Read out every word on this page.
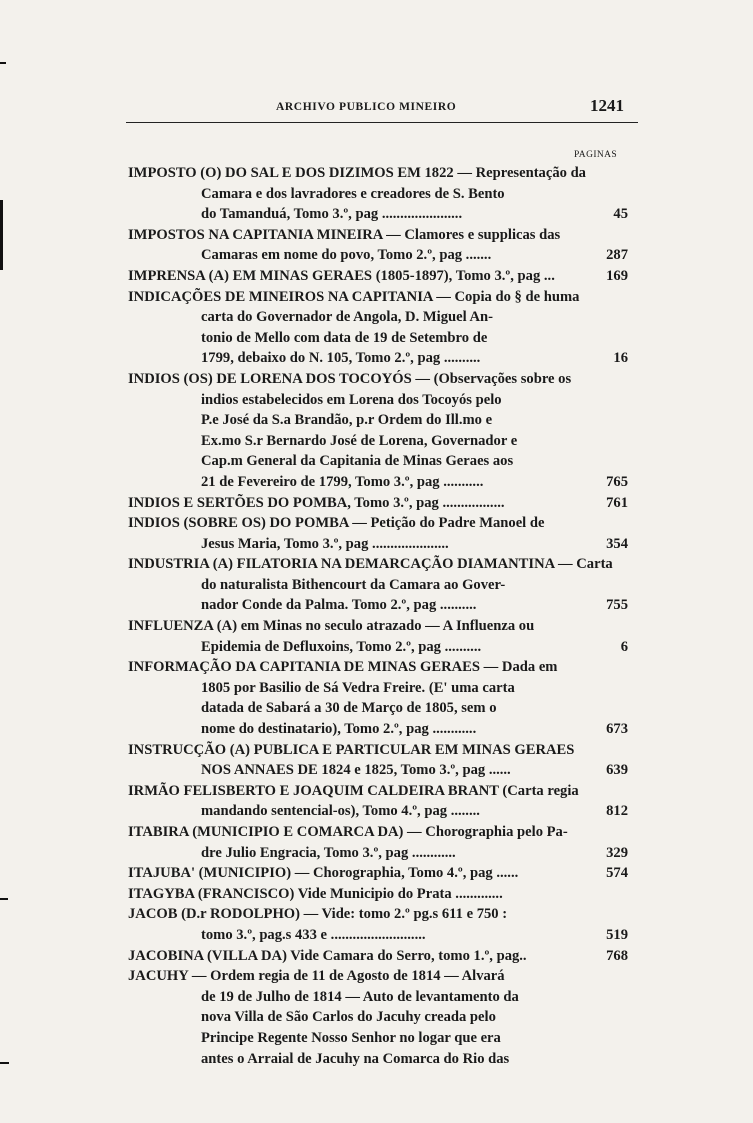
ARCHIVO PUBLICO MINEIRO	1241
PAGINAS
IMPOSTO (O) DO SAL E DOS DIZIMOS EM 1822 — Representação da
Camara e dos lavradores e creadores de S. Bento
do Tamanduá, Tomo 3.º, pag ......................	45
IMPOSTOS NA CAPITANIA MINEIRA — Clamores e supplicas das
Camaras em nome do povo, Tomo 2.º, pag .......	287
IMPRENSA (A) EM MINAS GERAES (1805-1897), Tomo 3.º, pag ...	169
INDICAÇÕES DE MINEIROS NA CAPITANIA — Copia do § de huma
carta do Governador de Angola, D. Miguel An-
tonio de Mello com data de 19 de Setembro de
1799, debaixo do N. 105, Tomo 2.º, pag ..........	16
INDIOS (OS) DE LORENA DOS TOCOYÓS — (Observações sobre os
indios estabelecidos em Lorena dos Tocoyós pelo
P.e José da S.a Brandão, p.r Ordem do Ill.mo e
Ex.mo S.r Bernardo José de Lorena, Governador e
Cap.m General da Capitania de Minas Geraes aos
21 de Fevereiro de 1799, Tomo 3.º, pag ...........	765
INDIOS E SERTÕES DO POMBA, Tomo 3.º, pag .................	761
INDIOS (SOBRE OS) DO POMBA — Petição do Padre Manoel de
Jesus Maria, Tomo 3.º, pag .....................	354
INDUSTRIA (A) FILATORIA NA DEMARCAÇÃO DIAMANTINA — Carta
do naturalista Bithencourt da Camara ao Gover-
nador Conde da Palma. Tomo 2.º, pag ..........	755
INFLUENZA (A) em Minas no seculo atrazado — A Influenza ou
Epidemia de Defluxoins, Tomo 2.º, pag ..........	6
INFORMAÇÃO DA CAPITANIA DE MINAS GERAES — Dada em
1805 por Basilio de Sá Vedra Freire. (E' uma carta
datada de Sabará a 30 de Março de 1805, sem o
nome do destinatario), Tomo 2.º, pag ............	673
INSTRUCÇÃO (A) PUBLICA E PARTICULAR EM MINAS GERAES
NOS ANNAES DE 1824 e 1825, Tomo 3.º, pag ......	639
IRMÃO FELISBERTO E JOAQUIM CALDEIRA BRANT (Carta regia
mandando sentencial-os), Tomo 4.º, pag ........	812
ITABIRA (MUNICIPIO E COMARCA DA) — Chorographia pelo Pa-
dre Julio Engracia, Tomo 3.º, pag ............	329
ITAJUBA' (MUNICIPIO) — Chorographia, Tomo 4.º, pag ......	574
ITAGYBA (FRANCISCO) Vide Municipio do Prata .............
JACOB (D.r RODOLPHO) — Vide: tomo 2.º pg.s 611 e 750 :
tomo 3.º, pag.s 433 e ..........................	519
JACOBINA (VILLA DA) Vide Camara do Serro, tomo 1.º, pag..	768
JACUHY — Ordem regia de 11 de Agosto de 1814 — Alvará
de 19 de Julho de 1814 — Auto de levantamento da
nova Villa de São Carlos do Jacuhy creada pelo
Principe Regente Nosso Senhor no logar que era
antes o Arraial de Jacuhy na Comarca do Rio das
